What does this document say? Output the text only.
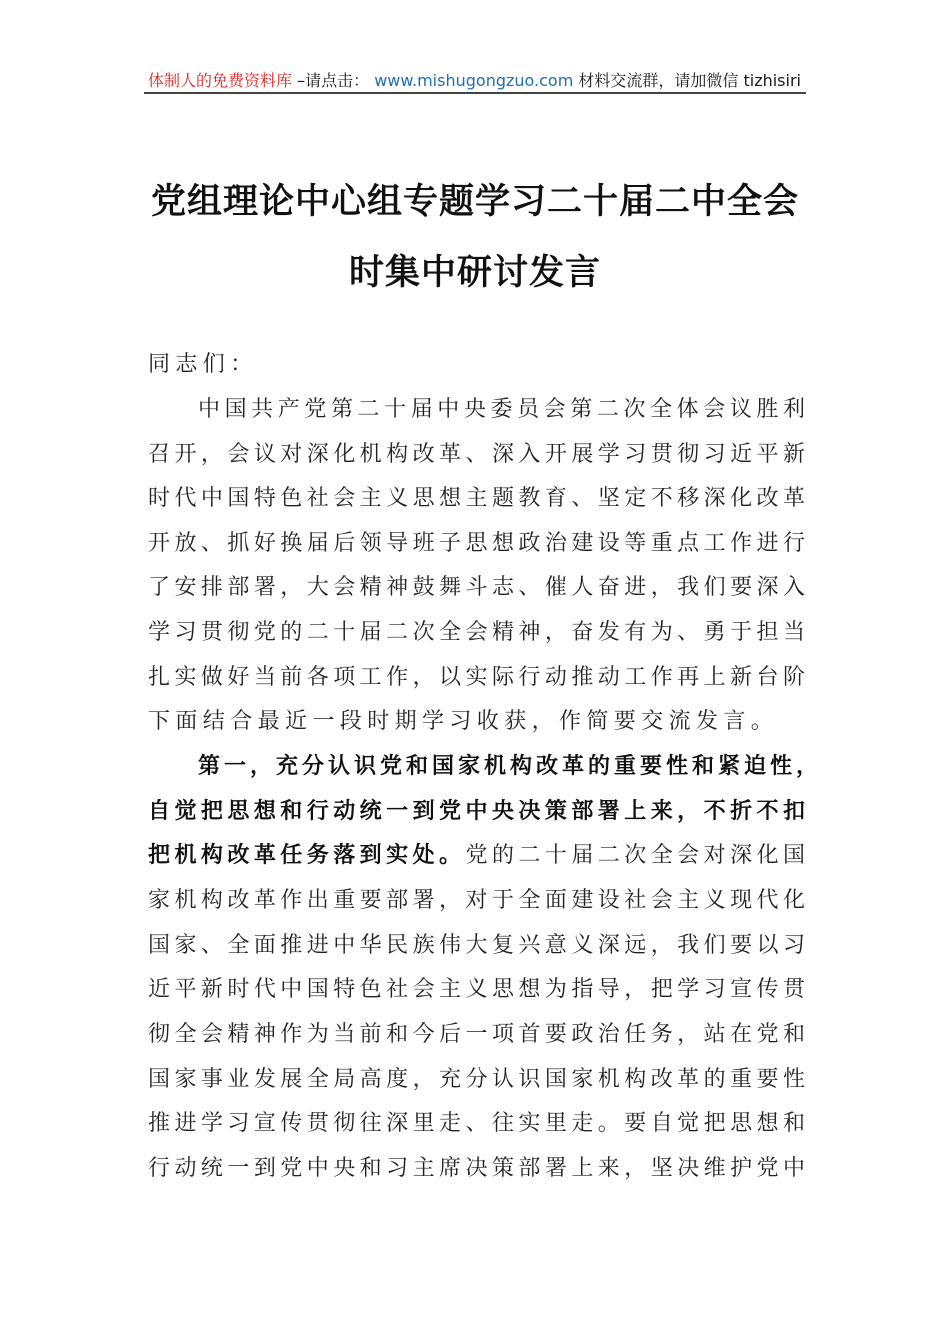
体制人的免费资料库 –请点击： www.mishugongzuo.com 材料交流群，请加微信 tizhisiri
党组理论中心组专题学习二十届二中全会
时集中研讨发言
同志们：
中国共产党第二十届中央委员会第二次全体会议胜利
召开，会议对深化机构改革、深入开展学习贯彻习近平新
时代中国特色社会主义思想主题教育、坚定不移深化改革
开放、抓好换届后领导班子思想政治建设等重点工作进行
了安排部署，大会精神鼓舞斗志、催人奋进，我们要深入
学习贯彻党的二十届二次全会精神，奋发有为、勇于担当
扎实做好当前各项工作，以实际行动推动工作再上新台阶
下面结合最近一段时期学习收获，作简要交流发言。
第一，充分认识党和国家机构改革的重要性和紧迫性，
自觉把思想和行动统一到党中央决策部署上来，不折不扣
把机构改革任务落到实处。党的二十届二次全会对深化国
家机构改革作出重要部署，对于全面建设社会主义现代化
国家、全面推进中华民族伟大复兴意义深远，我们要以习
近平新时代中国特色社会主义思想为指导，把学习宣传贯
彻全会精神作为当前和今后一项首要政治任务，站在党和
国家事业发展全局高度，充分认识国家机构改革的重要性
推进学习宣传贯彻往深里走、往实里走。要自觉把思想和
行动统一到党中央和习主席决策部署上来，坚决维护党中
